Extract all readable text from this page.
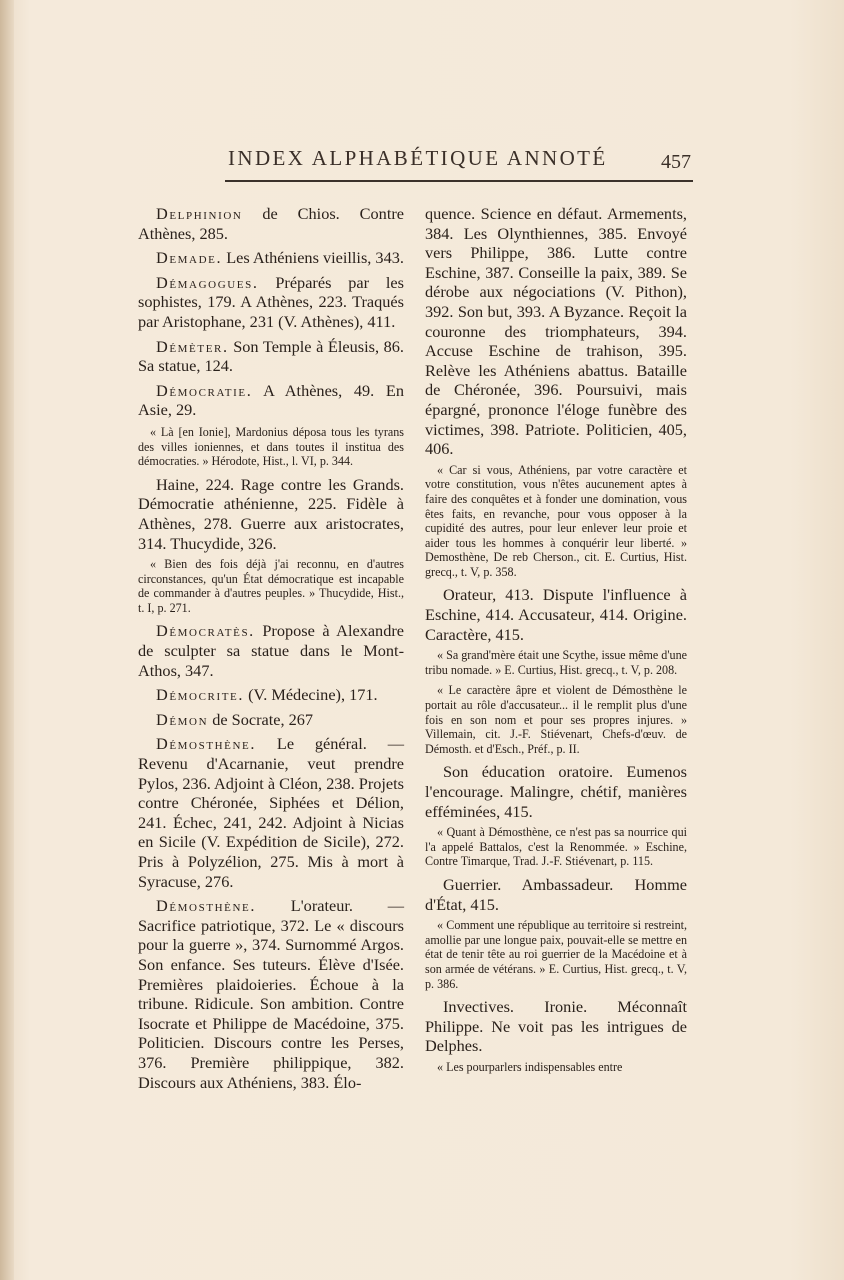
INDEX ALPHABÉTIQUE ANNOTÉ	457

Delphinion de Chios. Contre Athènes, 285.

Demade. Les Athéniens vieillis, 343.

Démagogues. Préparés par les sophistes, 179. A Athènes, 223. Traqués par Aristophane, 231 (V. Athènes), 411.

Démèter. Son Temple à Éleusis, 86. Sa statue, 124.

Démocratie. A Athènes, 49. En Asie, 29.

« Là [en Ionie], Mardonius déposa tous les tyrans des villes ioniennes, et dans toutes il institua des démocraties. » Hérodote, Hist., l. VI, p. 344.

Haine, 224. Rage contre les Grands. Démocratie athénienne, 225. Fidèle à Athènes, 278. Guerre aux aristocrates, 314. Thucydide, 326.

« Bien des fois déjà j'ai reconnu, en d'autres circonstances, qu'un État démocratique est incapable de commander à d'autres peuples. » Thucydide, Hist., t. I, p. 271.

Démocratès. Propose à Alexandre de sculpter sa statue dans le Mont-Athos, 347.

Démocrite. (V. Médecine), 171.

Démon de Socrate, 267

Démosthène. Le général. — Revenu d'Acarnanie, veut prendre Pylos, 236. Adjoint à Cléon, 238. Projets contre Chéronée, Siphées et Délion, 241. Échec, 241, 242. Adjoint à Nicias en Sicile (V. Expédition de Sicile), 272. Pris à Polyzélion, 275. Mis à mort à Syracuse, 276.

Démosthène. L'orateur. — Sacrifice patriotique, 372. Le « discours pour la guerre », 374. Surnommé Argos. Son enfance. Ses tuteurs. Élève d'Isée. Premières plaidoieries. Échoue à la tribune. Ridicule. Son ambition. Contre Isocrate et Philippe de Macédoine, 375. Politicien. Discours contre les Perses, 376. Première philippique, 382. Discours aux Athéniens, 383. Élo-

quence. Science en défaut. Armements, 384. Les Olynthiennes, 385. Envoyé vers Philippe, 386. Lutte contre Eschine, 387. Conseille la paix, 389. Se dérobe aux négociations (V. Pithon), 392. Son but, 393. A Byzance. Reçoit la couronne des triomphateurs, 394. Accuse Eschine de trahison, 395. Relève les Athéniens abattus. Bataille de Chéronée, 396. Poursuivi, mais épargné, prononce l'éloge funèbre des victimes, 398. Patriote. Politicien, 405, 406.

« Car si vous, Athéniens, par votre caractère et votre constitution, vous n'êtes aucunement aptes à faire des conquêtes et à fonder une domination, vous êtes faits, en revanche, pour vous opposer à la cupidité des autres, pour leur enlever leur proie et aider tous les hommes à conquérir leur liberté. » Demosthène, De reb Cherson., cit. E. Curtius, Hist. grecq., t. V, p. 358.

Orateur, 413. Dispute l'influence à Eschine, 414. Accusateur, 414. Origine. Caractère, 415.

« Sa grand'mère était une Scythe, issue même d'une tribu nomade. » E. Curtius, Hist. grecq., t. V, p. 208.

« Le caractère âpre et violent de Démosthène le portait au rôle d'accusateur... il le remplit plus d'une fois en son nom et pour ses propres injures. » Villemain, cit. J.-F. Stiévenart, Chefs-d'œuv. de Démosth. et d'Esch., Préf., p. II.

Son éducation oratoire. Eumenos l'encourage. Malingre, chétif, manières efféminées, 415.

« Quant à Démosthène, ce n'est pas sa nourrice qui l'a appelé Battalos, c'est la Renommée. » Eschine, Contre Timarque, Trad. J.-F. Stiévenart, p. 115.

Guerrier. Ambassadeur. Homme d'État, 415.

« Comment une république au territoire si restreint, amollie par une longue paix, pouvait-elle se mettre en état de tenir tête au roi guerrier de la Macédoine et à son armée de vétérans. » E. Curtius, Hist. grecq., t. V, p. 386.

Invectives. Ironie. Méconnaît Philippe. Ne voit pas les intrigues de Delphes.

« Les pourparlers indispensables entre
